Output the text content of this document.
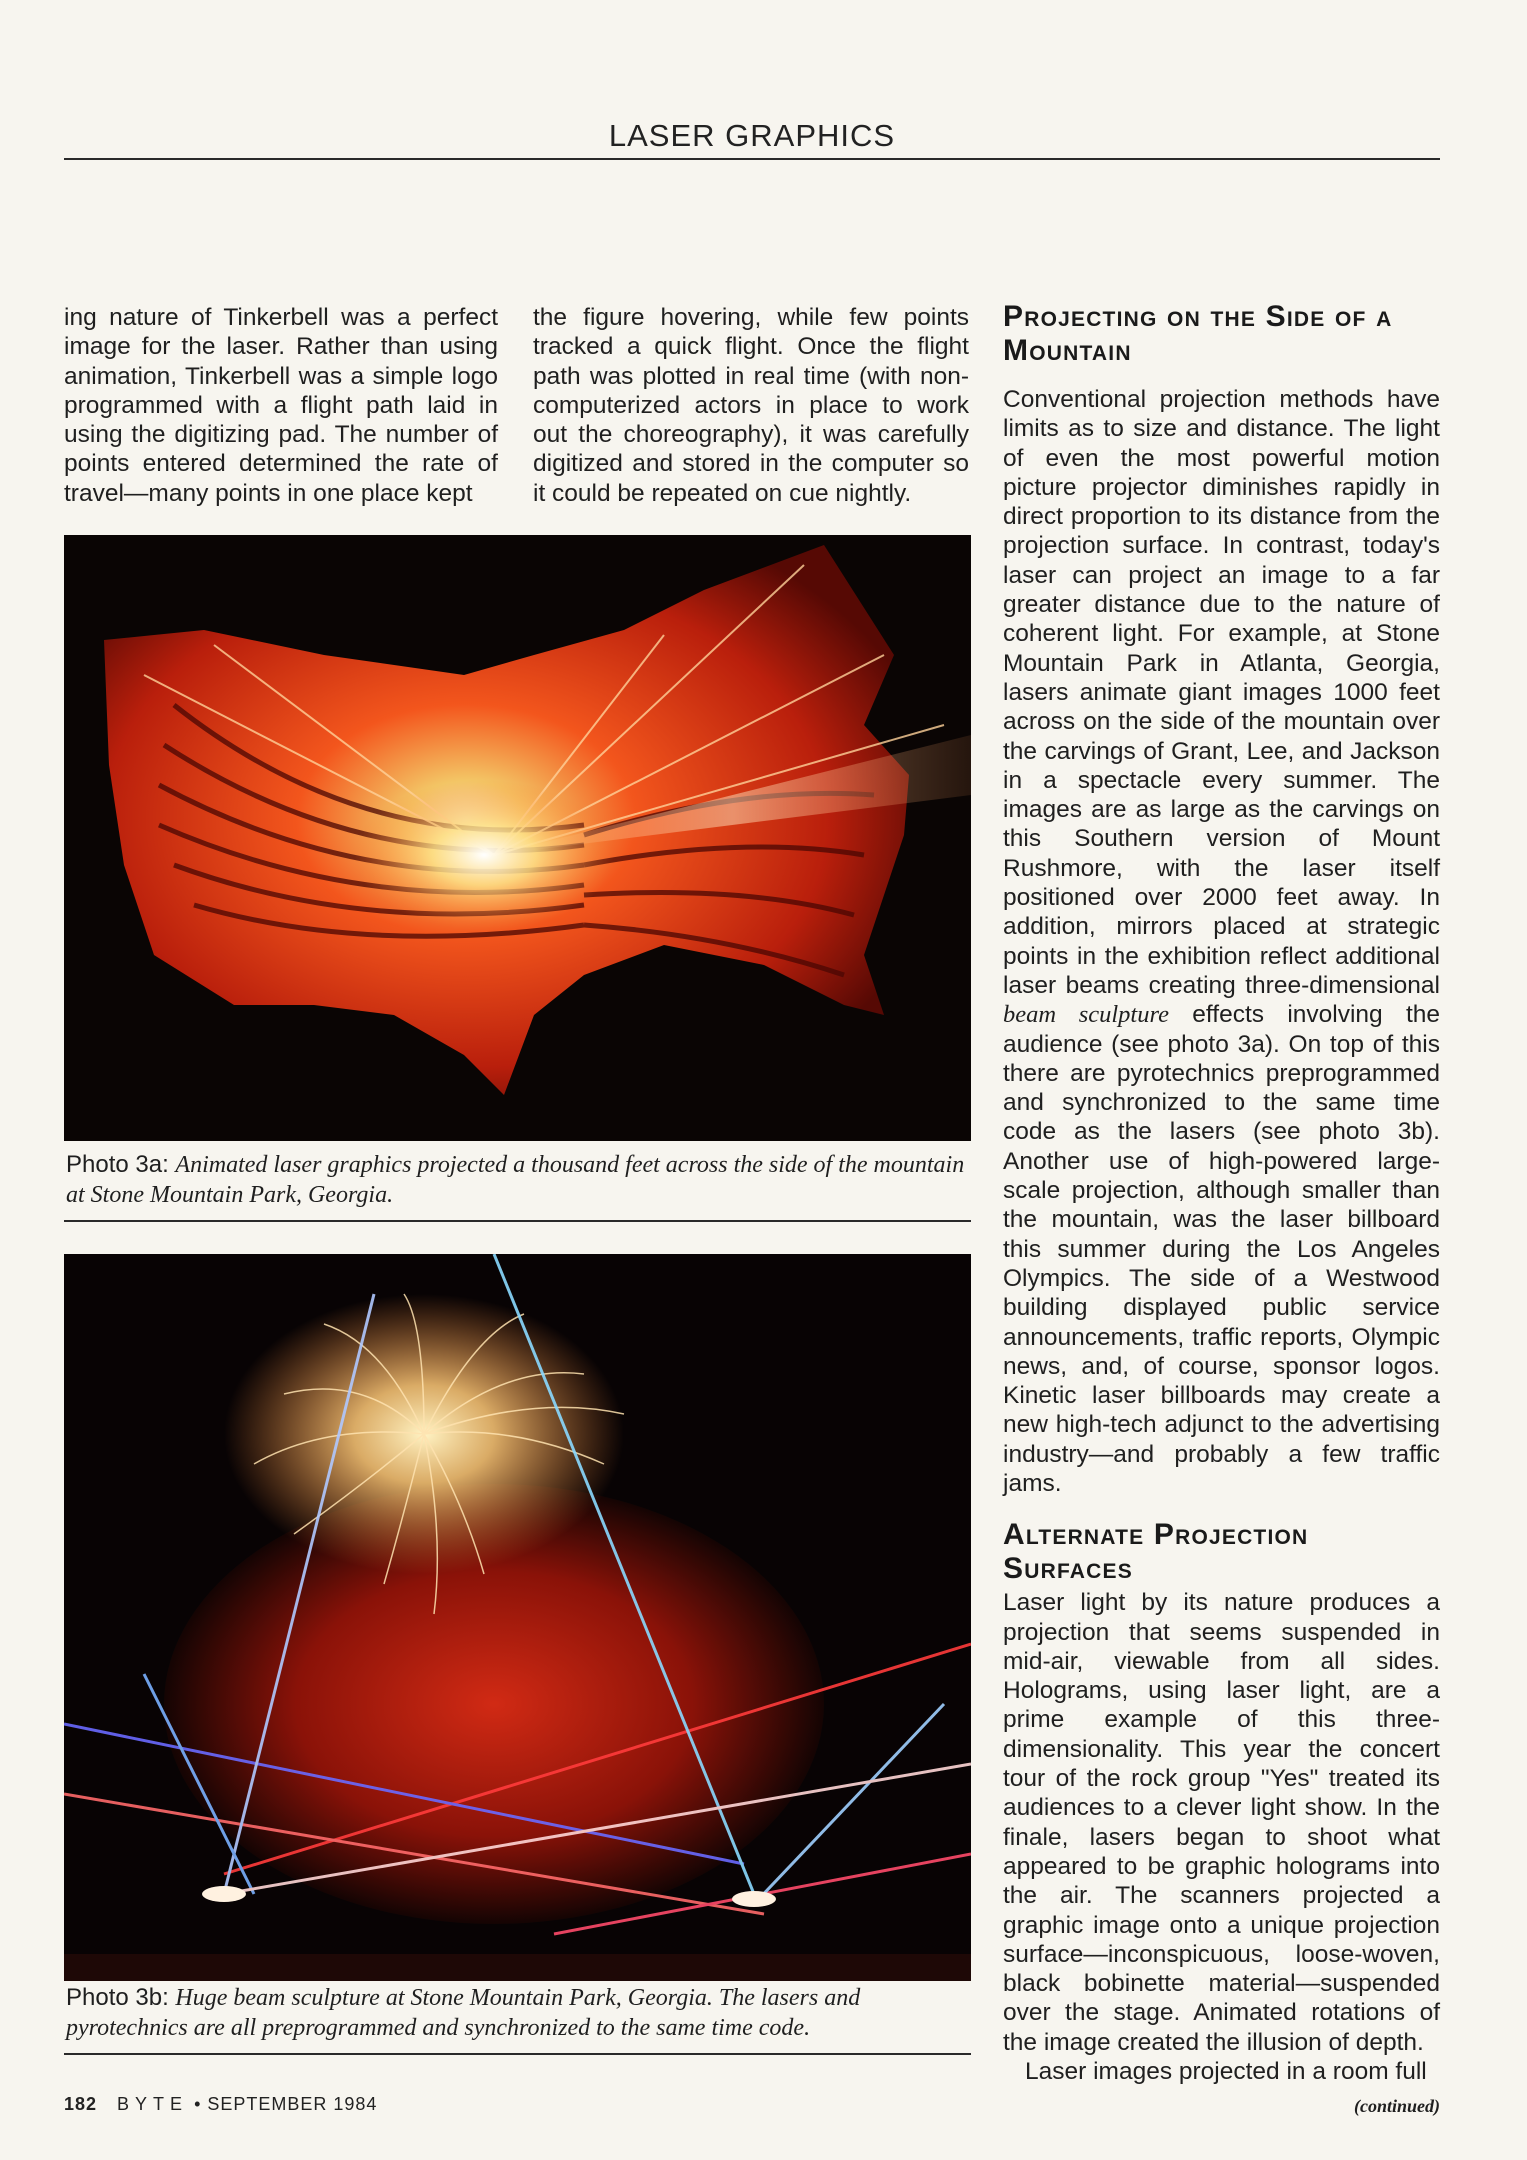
LASER GRAPHICS

ing nature of Tinkerbell was a perfect image for the laser. Rather than using animation, Tinkerbell was a simple logo programmed with a flight path laid in using the digitizing pad. The number of points entered determined the rate of travel—many points in one place kept

the figure hovering, while few points tracked a quick flight. Once the flight path was plotted in real time (with non-computerized actors in place to work out the choreography), it was carefully digitized and stored in the computer so it could be repeated on cue nightly.

Projecting on the Side of a Mountain

Conventional projection methods have limits as to size and distance. The light of even the most powerful motion picture projector diminishes rapidly in direct proportion to its distance from the projection surface. In contrast, today's laser can project an image to a far greater distance due to the nature of coherent light. For example, at Stone Mountain Park in Atlanta, Georgia, lasers animate giant images 1000 feet across on the side of the mountain over the carvings of Grant, Lee, and Jackson in a spectacle every summer. The images are as large as the carvings on this Southern version of Mount Rushmore, with the laser itself positioned over 2000 feet away. In addition, mirrors placed at strategic points in the exhibition reflect additional laser beams creating three-dimensional beam sculpture effects involving the audience (see photo 3a). On top of this there are pyrotechnics preprogrammed and synchronized to the same time code as the lasers (see photo 3b). Another use of high-powered large-scale projection, although smaller than the mountain, was the laser billboard this summer during the Los Angeles Olympics. The side of a Westwood building displayed public service announcements, traffic reports, Olympic news, and, of course, sponsor logos. Kinetic laser billboards may create a new high-tech adjunct to the advertising industry—and probably a few traffic jams.

Alternate Projection Surfaces

Laser light by its nature produces a projection that seems suspended in mid-air, viewable from all sides. Holograms, using laser light, are a prime example of this three-dimensionality. This year the concert tour of the rock group "Yes" treated its audiences to a clever light show. In the finale, lasers began to shoot what appeared to be graphic holograms into the air. The scanners projected a graphic image onto a unique projection surface—inconspicuous, loose-woven, black bobinette material—suspended over the stage. Animated rotations of the image created the illusion of depth.

Laser images projected in a room full

(continued)
Photo 3a: Animated laser graphics projected a thousand feet across the side of the mountain at Stone Mountain Park, Georgia.
Photo 3b: Huge beam sculpture at Stone Mountain Park, Georgia. The lasers and pyrotechnics are all preprogrammed and synchronized to the same time code.
182 BYTE • SEPTEMBER 1984
